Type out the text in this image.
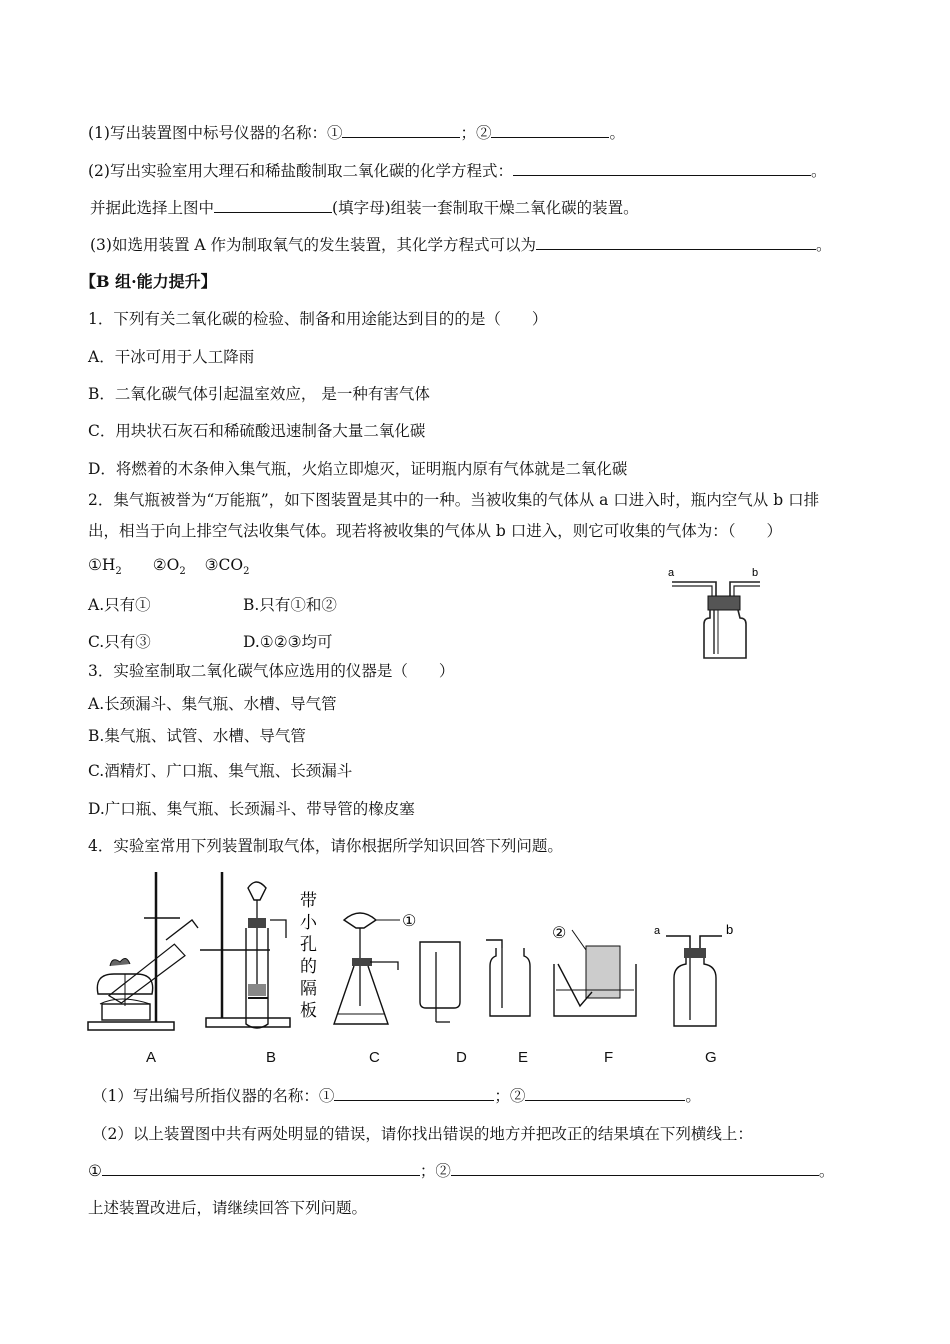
(1)写出装置图中标号仪器的名称：①	；②	。
(2)写出实验室用大理石和稀盐酸制取二氧化碳的化学方程式：	。
并据此选择上图中	(填字母)组装一套制取干燥二氧化碳的装置。
(3)如选用装置 A 作为制取氧气的发生装置，其化学方程式可以为	。
【B 组·能力提升】
1．下列有关二氧化碳的检验、制备和用途能达到目的的是（　　）
A．干冰可用于人工降雨
B．二氧化碳气体引起温室效应， 是一种有害气体
C．用块状石灰石和稀硫酸迅速制备大量二氧化碳
D．将燃着的木条伸入集气瓶，火焰立即熄灭，证明瓶内原有气体就是二氧化碳
2．集气瓶被誉为“万能瓶”，如下图装置是其中的一种。当被收集的气体从 a 口进入时，瓶内空气从 b 口排
出，相当于向上排空气法收集气体。现若将被收集的气体从 b 口进入，则它可收集的气体为：（　　）
$①H_2$ $②O_2$ $③CO_2$
A.只有①	B.只有①和②
C.只有③	D.①②③均可
a	b
3．实验室制取二氧化碳气体应选用的仪器是（　　）
A.长颈漏斗、集气瓶、水槽、导气管
B.集气瓶、试管、水槽、导气管
C.酒精灯、广口瓶、集气瓶、长颈漏斗
D.广口瓶、集气瓶、长颈漏斗、带导管的橡皮塞
4．实验室常用下列装置制取气体，请你根据所学知识回答下列问题。
带
小
孔
的
隔
板
①
②	a	b
A	B	C	D	E	F	G
（1）写出编号所指仪器的名称：①	；②	。
（2）以上装置图中共有两处明显的错误，请你找出错误的地方并把改正的结果填在下列横线上：
①	；②	。
上述装置改进后，请继续回答下列问题。
